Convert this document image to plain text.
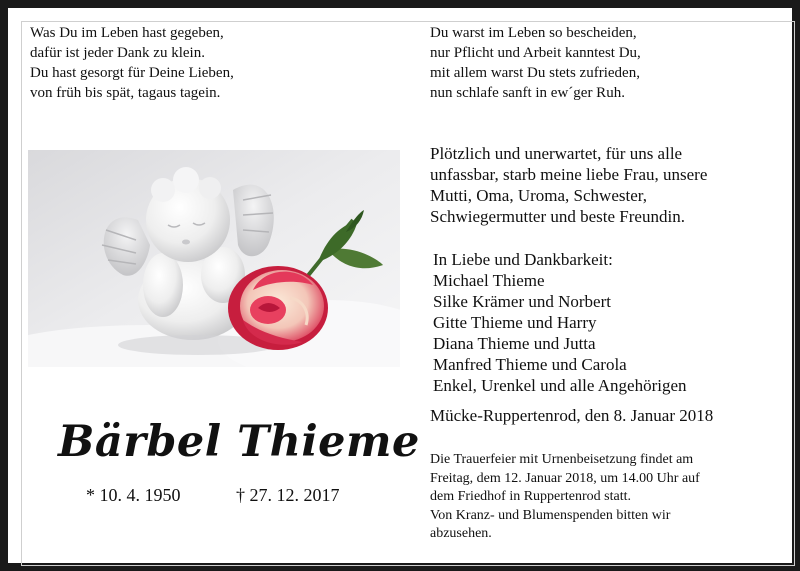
Was Du im Leben hast gegeben,
dafür ist jeder Dank zu klein.
Du hast gesorgt für Deine Lieben,
von früh bis spät, tagaus tagein.

Du warst im Leben so bescheiden,
nur Pflicht und Arbeit kanntest Du,
mit allem warst Du stets zufrieden,
nun schlafe sanft in ew´ger Ruh.

Plötzlich und unerwartet, für uns alle
unfassbar, starb meine liebe Frau, unsere
Mutti, Oma, Uroma, Schwester,
Schwiegermutter und beste Freundin.
In Liebe und Dankbarkeit:
Michael Thieme
Silke Krämer und Norbert
Gitte Thieme und Harry
Diana Thieme und Jutta
Manfred Thieme und Carola
Enkel, Urenkel und alle Angehörigen
Mücke-Ruppertenrod, den 8. Januar 2018
Die Trauerfeier mit Urnenbeisetzung findet am
Freitag, dem 12. Januar 2018, um 14.00 Uhr auf
dem Friedhof in Ruppertenrod statt.
Von Kranz- und Blumenspenden bitten wir
abzusehen.
Bärbel Thieme
* 10. 4. 1950	† 27. 12. 2017
